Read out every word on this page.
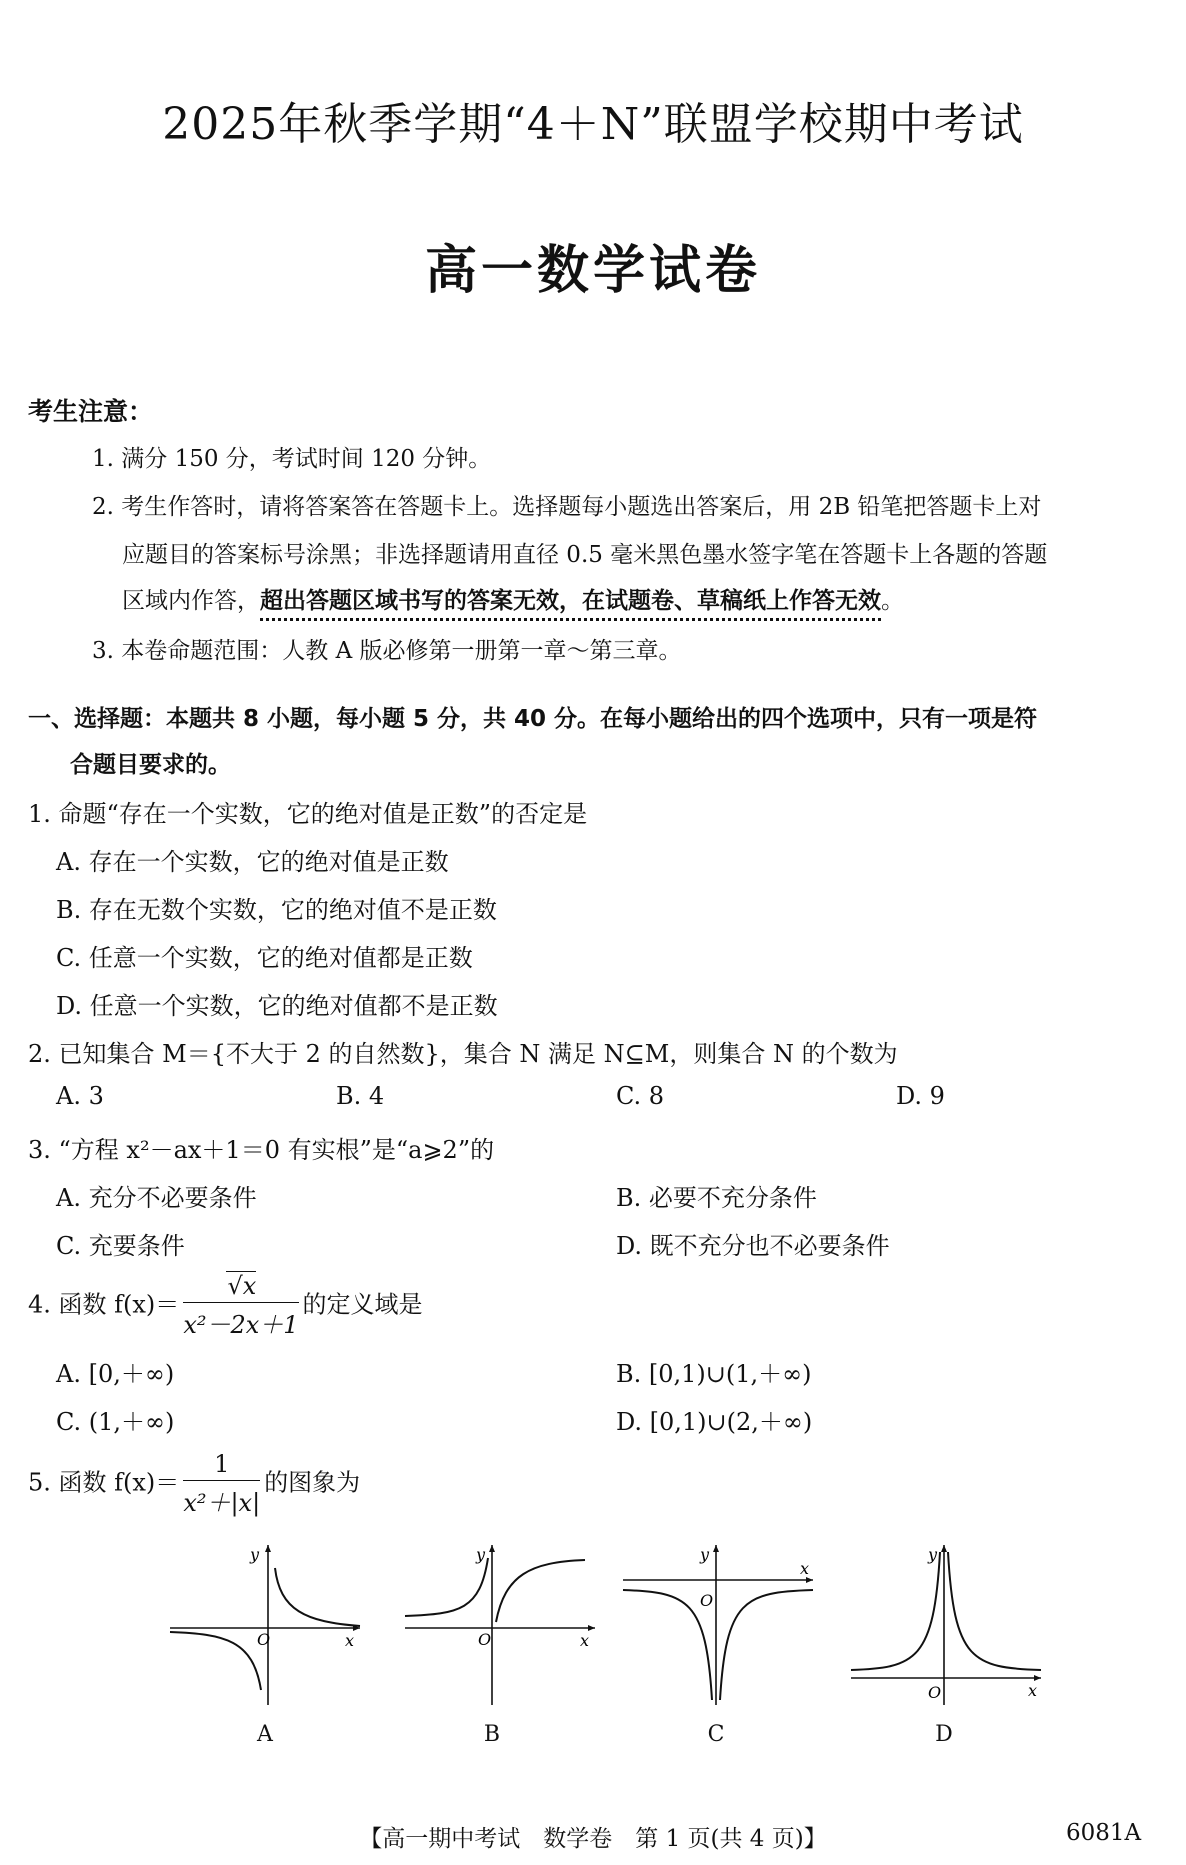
2025年秋季学期“4＋N”联盟学校期中考试
高一数学试卷
考生注意：
1. 满分 150 分，考试时间 120 分钟。
2. 考生作答时，请将答案答在答题卡上。选择题每小题选出答案后，用 2B 铅笔把答题卡上对
应题目的答案标号涂黑；非选择题请用直径 0.5 毫米黑色墨水签字笔在答题卡上各题的答题
区域内作答，超出答题区域书写的答案无效，在试题卷、草稿纸上作答无效。
3. 本卷命题范围：人教 A 版必修第一册第一章～第三章。
一、选择题：本题共 8 小题，每小题 5 分，共 40 分。在每小题给出的四个选项中，只有一项是符
合题目要求的。
1. 命题“存在一个实数，它的绝对值是正数”的否定是
A. 存在一个实数，它的绝对值是正数
B. 存在无数个实数，它的绝对值不是正数
C. 任意一个实数，它的绝对值都是正数
D. 任意一个实数，它的绝对值都不是正数
2. 已知集合 M＝{不大于 2 的自然数}，集合 N 满足 N⊆M，则集合 N 的个数为
A. 3	B. 4	C. 8	D. 9
3. “方程 x²－ax＋1＝0 有实根”是“a⩾2”的
A. 充分不必要条件	B. 必要不充分条件
C. 充要条件	D. 既不充分也不必要条件
4. 函数 $f(x)= \frac{√x}{\text{x²－2x＋1}}$ 的定义域是
A. [0,＋∞)	B. [0,1)∪(1,＋∞)
C. (1,＋∞)	D. [0,1)∪(2,＋∞)
5. 函数 $f(x)= \frac{1}{\text{x²＋|x|}}$ 的图象为
O	x
y
A
O	x
y
B
O
x
y
C
O	x
y
D
【高一期中考试　数学卷　第 1 页(共 4 页)】	6081A
